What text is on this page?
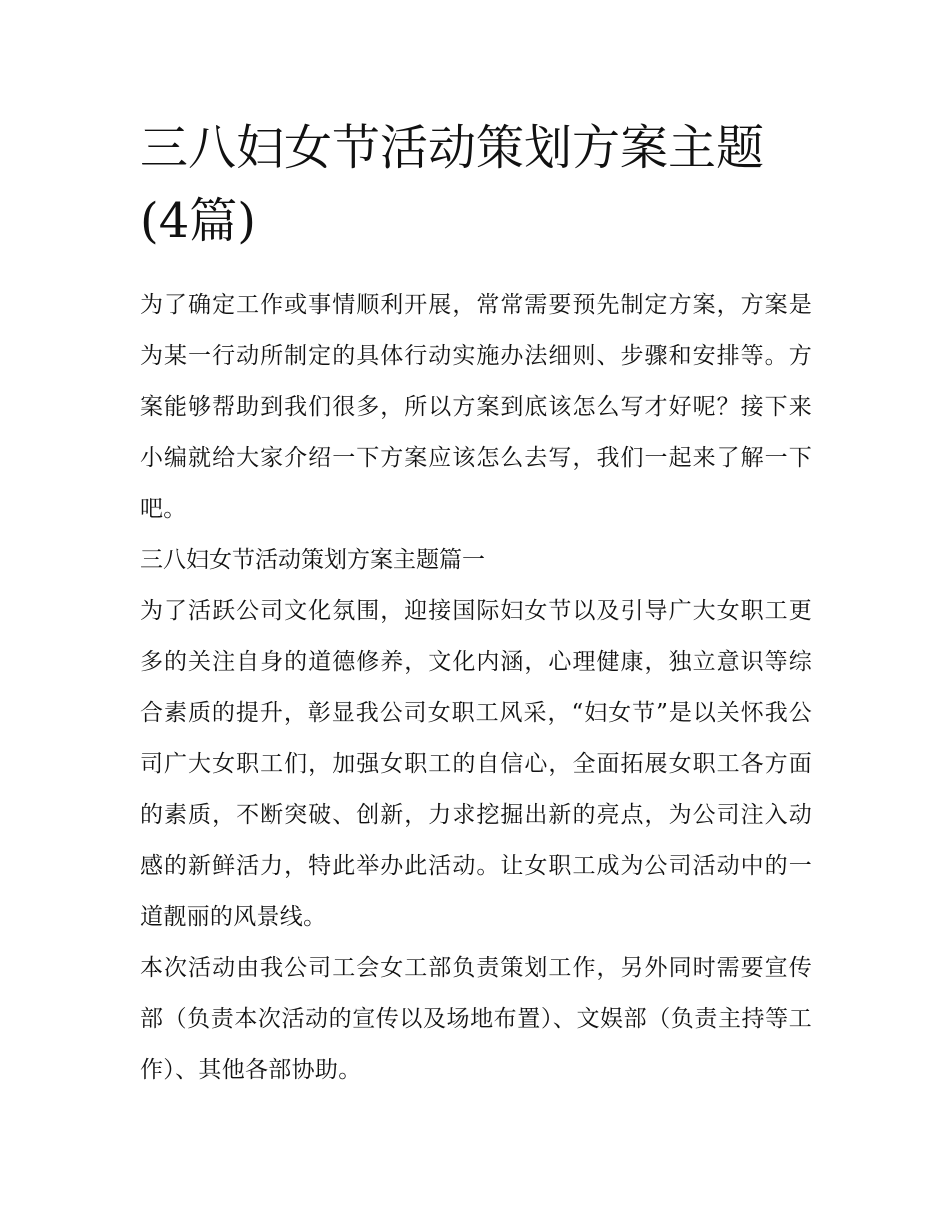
三八妇女节活动策划方案主题(4篇)

为了确定工作或事情顺利开展，常常需要预先制定方案，方案是为某一行动所制定的具体行动实施办法细则、步骤和安排等。方案能够帮助到我们很多，所以方案到底该怎么写才好呢？接下来小编就给大家介绍一下方案应该怎么去写，我们一起来了解一下吧。

三八妇女节活动策划方案主题篇一

为了活跃公司文化氛围，迎接国际妇女节以及引导广大女职工更多的关注自身的道德修养，文化内涵，心理健康，独立意识等综合素质的提升，彰显我公司女职工风采，“妇女节”是以关怀我公司广大女职工们，加强女职工的自信心，全面拓展女职工各方面的素质，不断突破、创新，力求挖掘出新的亮点，为公司注入动感的新鲜活力，特此举办此活动。让女职工成为公司活动中的一道靓丽的风景线。

本次活动由我公司工会女工部负责策划工作，另外同时需要宣传部（负责本次活动的宣传以及场地布置）、文娱部（负责主持等工作）、其他各部协助。
